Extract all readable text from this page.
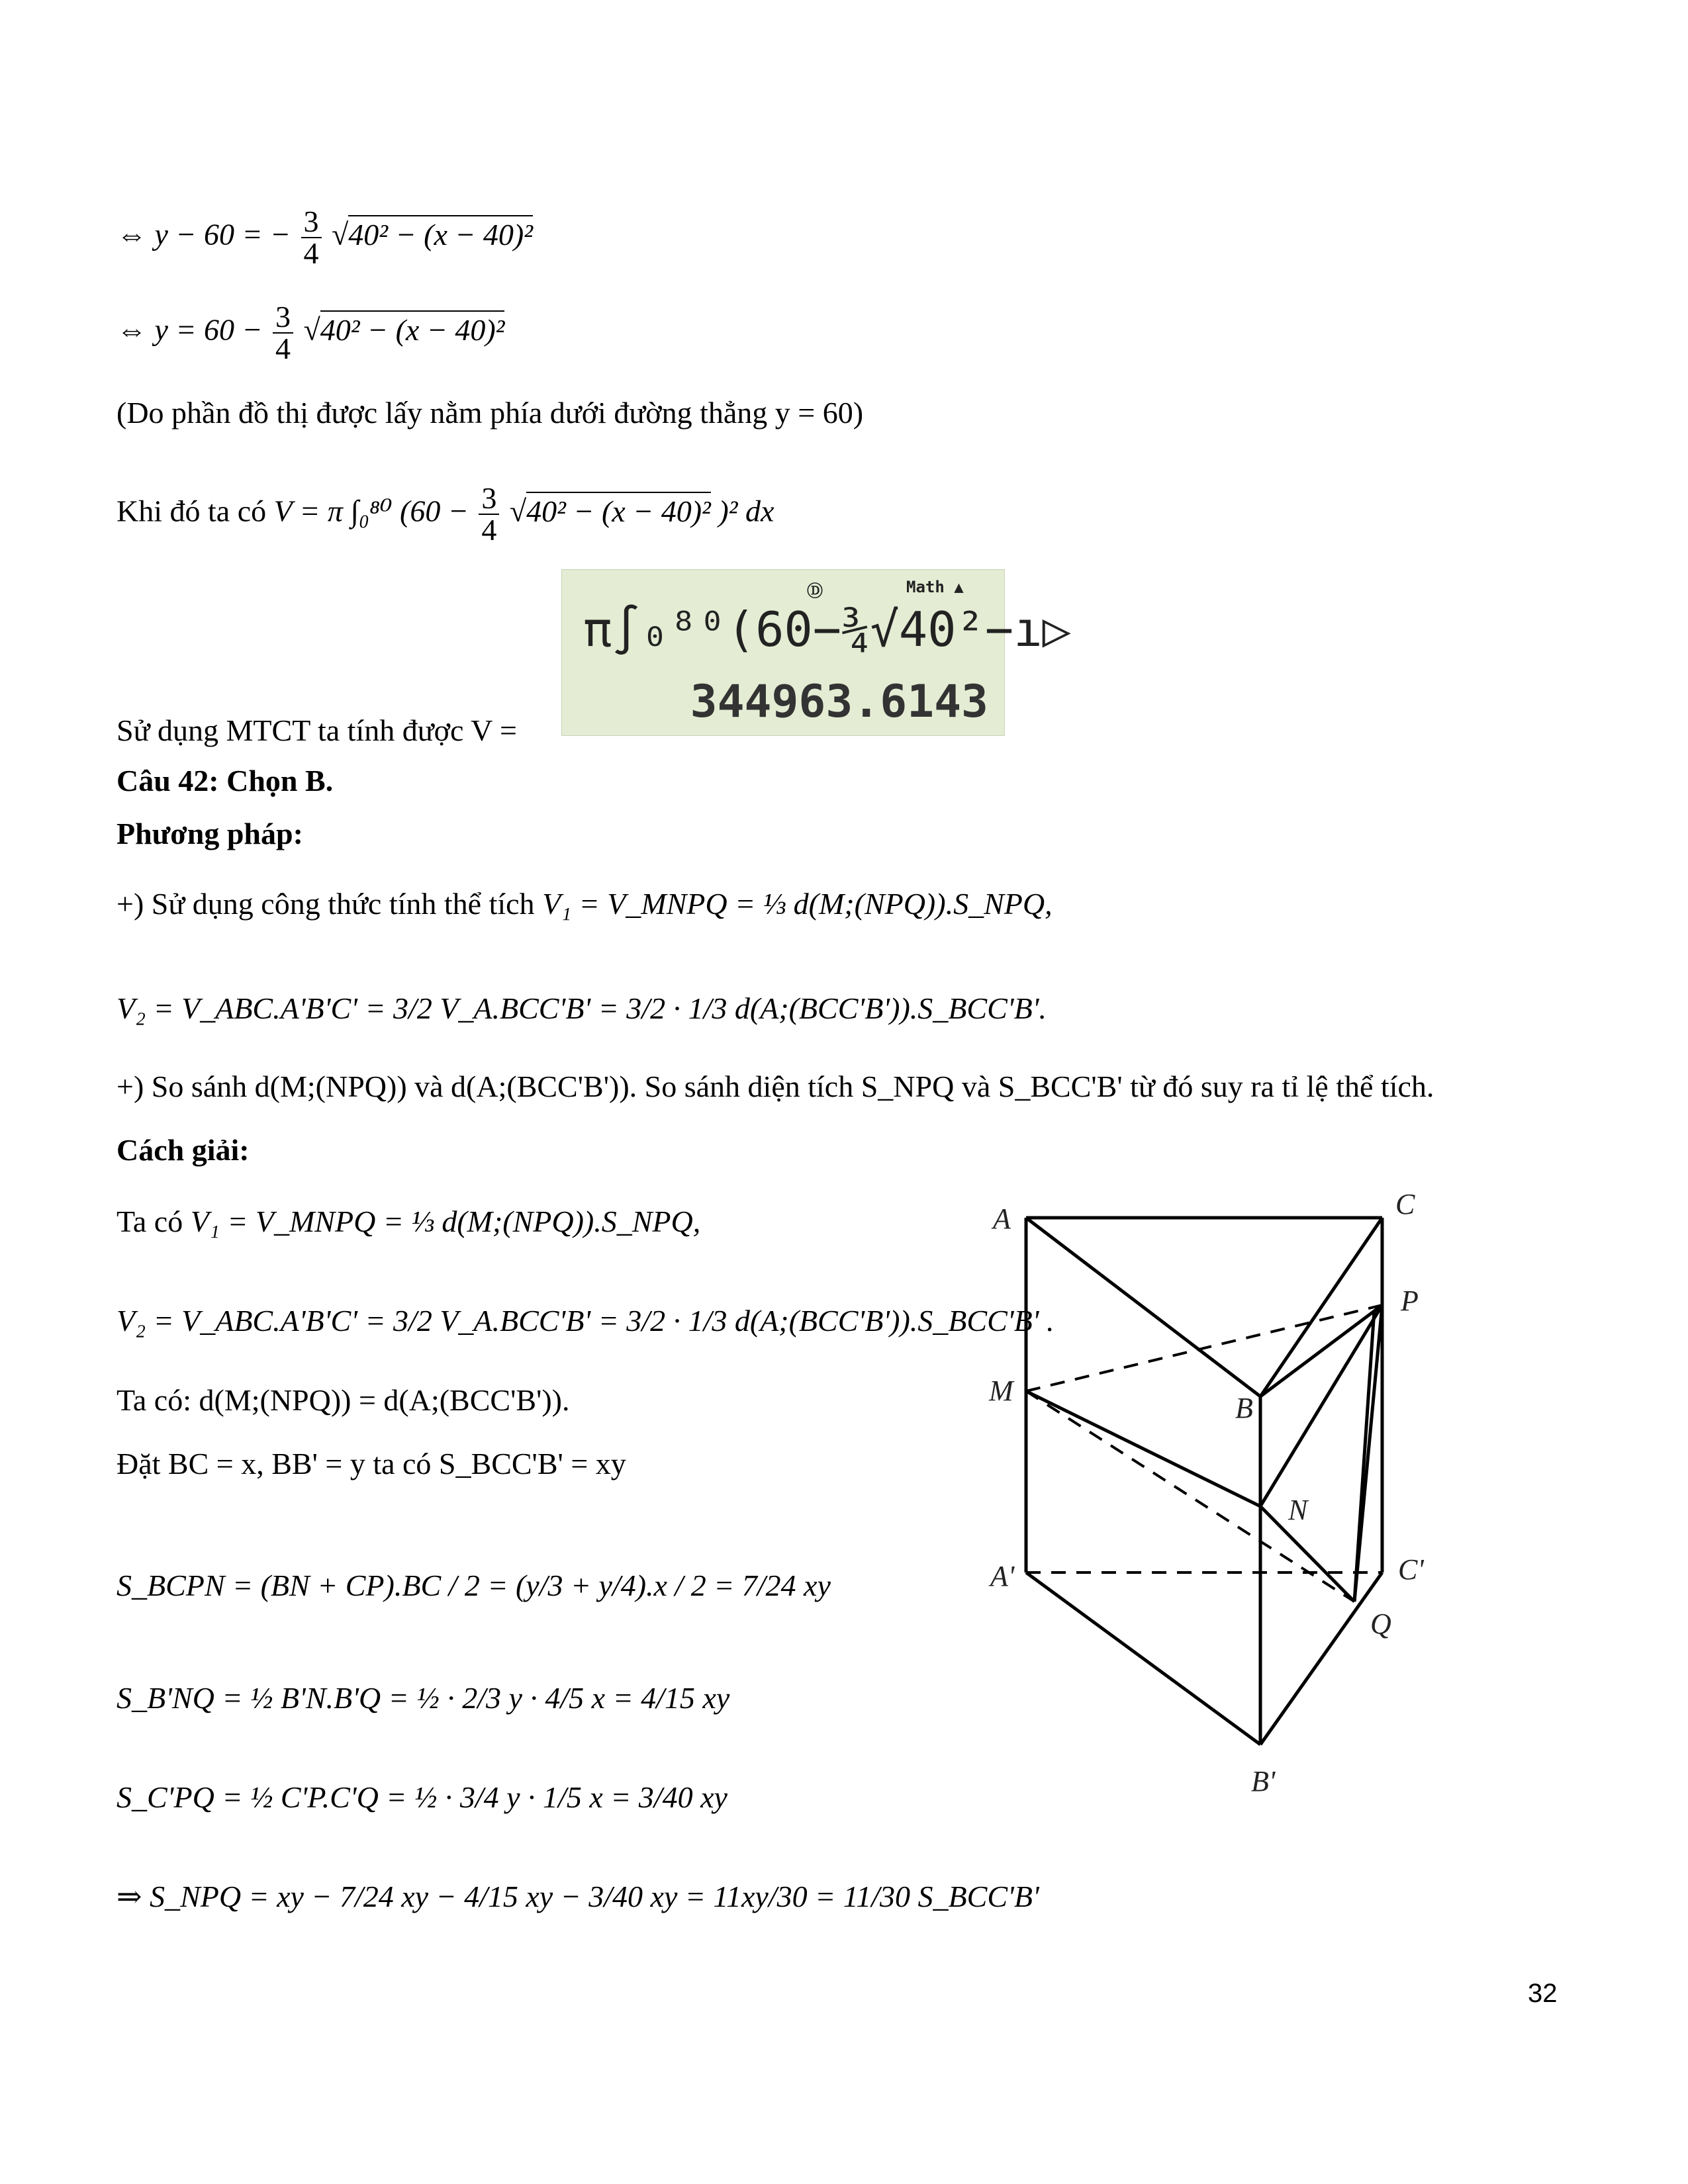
⇔ y − 60 = − $\frac{3}{4} √40^2 - (x - 40)^2$
⇔ $y = 60 - \frac{3}{4} √40^2 - (x - 40)^2$
(Do phần đồ thị được lấy nằm phía dưới đường thẳng y = 60)
Khi đó ta có V = π ∫₀⁸⁰ ($60 - \frac{3}{4} √40^2 - (x - 40)^2$ )² dx
Ⓓ	Math ▲
π∫₀⁸⁰(60−¾√40²−ı▷
344963.6143
Sử dụng MTCT ta tính được V =
Câu 42: Chọn B.
Phương pháp:
+) Sử dụng công thức tính thể tích V₁ = V_MNPQ = ⅓ d(M;(NPQ)).S_NPQ,
V₂ = V_ABC.A'B'C' = 3/2 V_A.BCC'B' = 3/2 · 1/3 d(A;(BCC'B')).S_BCC'B'.
+) So sánh d(M;(NPQ)) và d(A;(BCC'B')). So sánh diện tích S_NPQ và S_BCC'B' từ đó suy ra tỉ lệ thể tích.
Cách giải:
Ta có V₁ = V_MNPQ = ⅓ d(M;(NPQ)).S_NPQ,
V₂ = V_ABC.A'B'C' = 3/2 V_A.BCC'B' = 3/2 · 1/3 d(A;(BCC'B')).S_BCC'B' .
Ta có: d(M;(NPQ)) = d(A;(BCC'B')).
Đặt BC = x, BB' = y ta có S_BCC'B' = xy
S_BCPN = (BN + CP).BC / 2 = (y/3 + y/4).x / 2 = 7/24 xy
S_B'NQ = ½ B'N.B'Q = ½ · 2/3 y · 4/5 x = 4/15 xy
S_C'PQ = ½ C'P.C'Q = ½ · 3/4 y · 1/5 x = 3/40 xy
⇒ S_NPQ = xy − 7/24 xy − 4/15 xy − 3/40 xy = 11xy/30 = 11/30 S_BCC'B'
A	C
P
M
B
N
A'	C'
Q
B'
32
